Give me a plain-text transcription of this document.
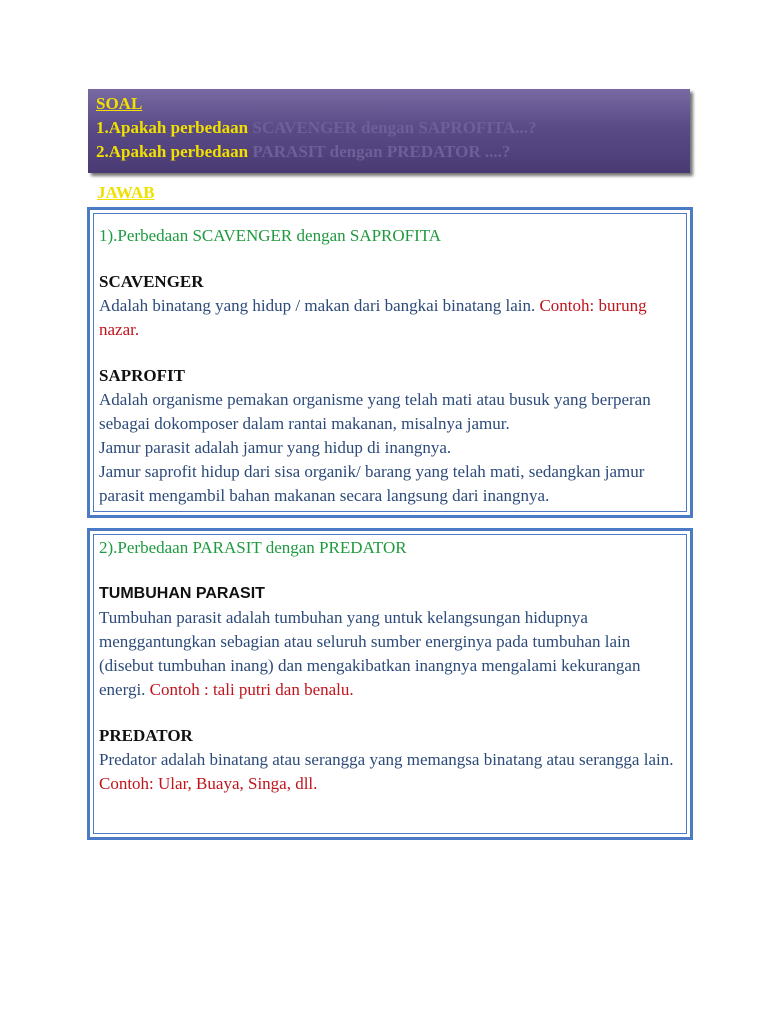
SOAL
1.Apakah perbedaan SCAVENGER dengan SAPROFITA...?
2.Apakah perbedaan PARASIT dengan PREDATOR ....?
JAWAB
1).Perbedaan SCAVENGER dengan SAPROFITA
SCAVENGER
Adalah binatang yang hidup / makan dari bangkai binatang lain. Contoh: burung nazar.
SAPROFIT
Adalah organisme pemakan organisme yang telah mati atau busuk yang berperan sebagai dokomposer dalam rantai makanan, misalnya jamur.
Jamur parasit adalah jamur yang hidup di inangnya.
Jamur saprofit hidup dari sisa organik/ barang yang telah mati, sedangkan jamur parasit mengambil bahan makanan secara langsung dari inangnya.
2).Perbedaan PARASIT dengan PREDATOR
TUMBUHAN PARASIT
Tumbuhan parasit adalah tumbuhan yang untuk kelangsungan hidupnya menggantungkan sebagian atau seluruh sumber energinya pada tumbuhan lain (disebut tumbuhan inang) dan mengakibatkan inangnya mengalami kekurangan energi. Contoh : tali putri dan benalu.
PREDATOR
Predator adalah binatang atau serangga yang memangsa binatang atau serangga lain.
Contoh: Ular, Buaya, Singa, dll.
